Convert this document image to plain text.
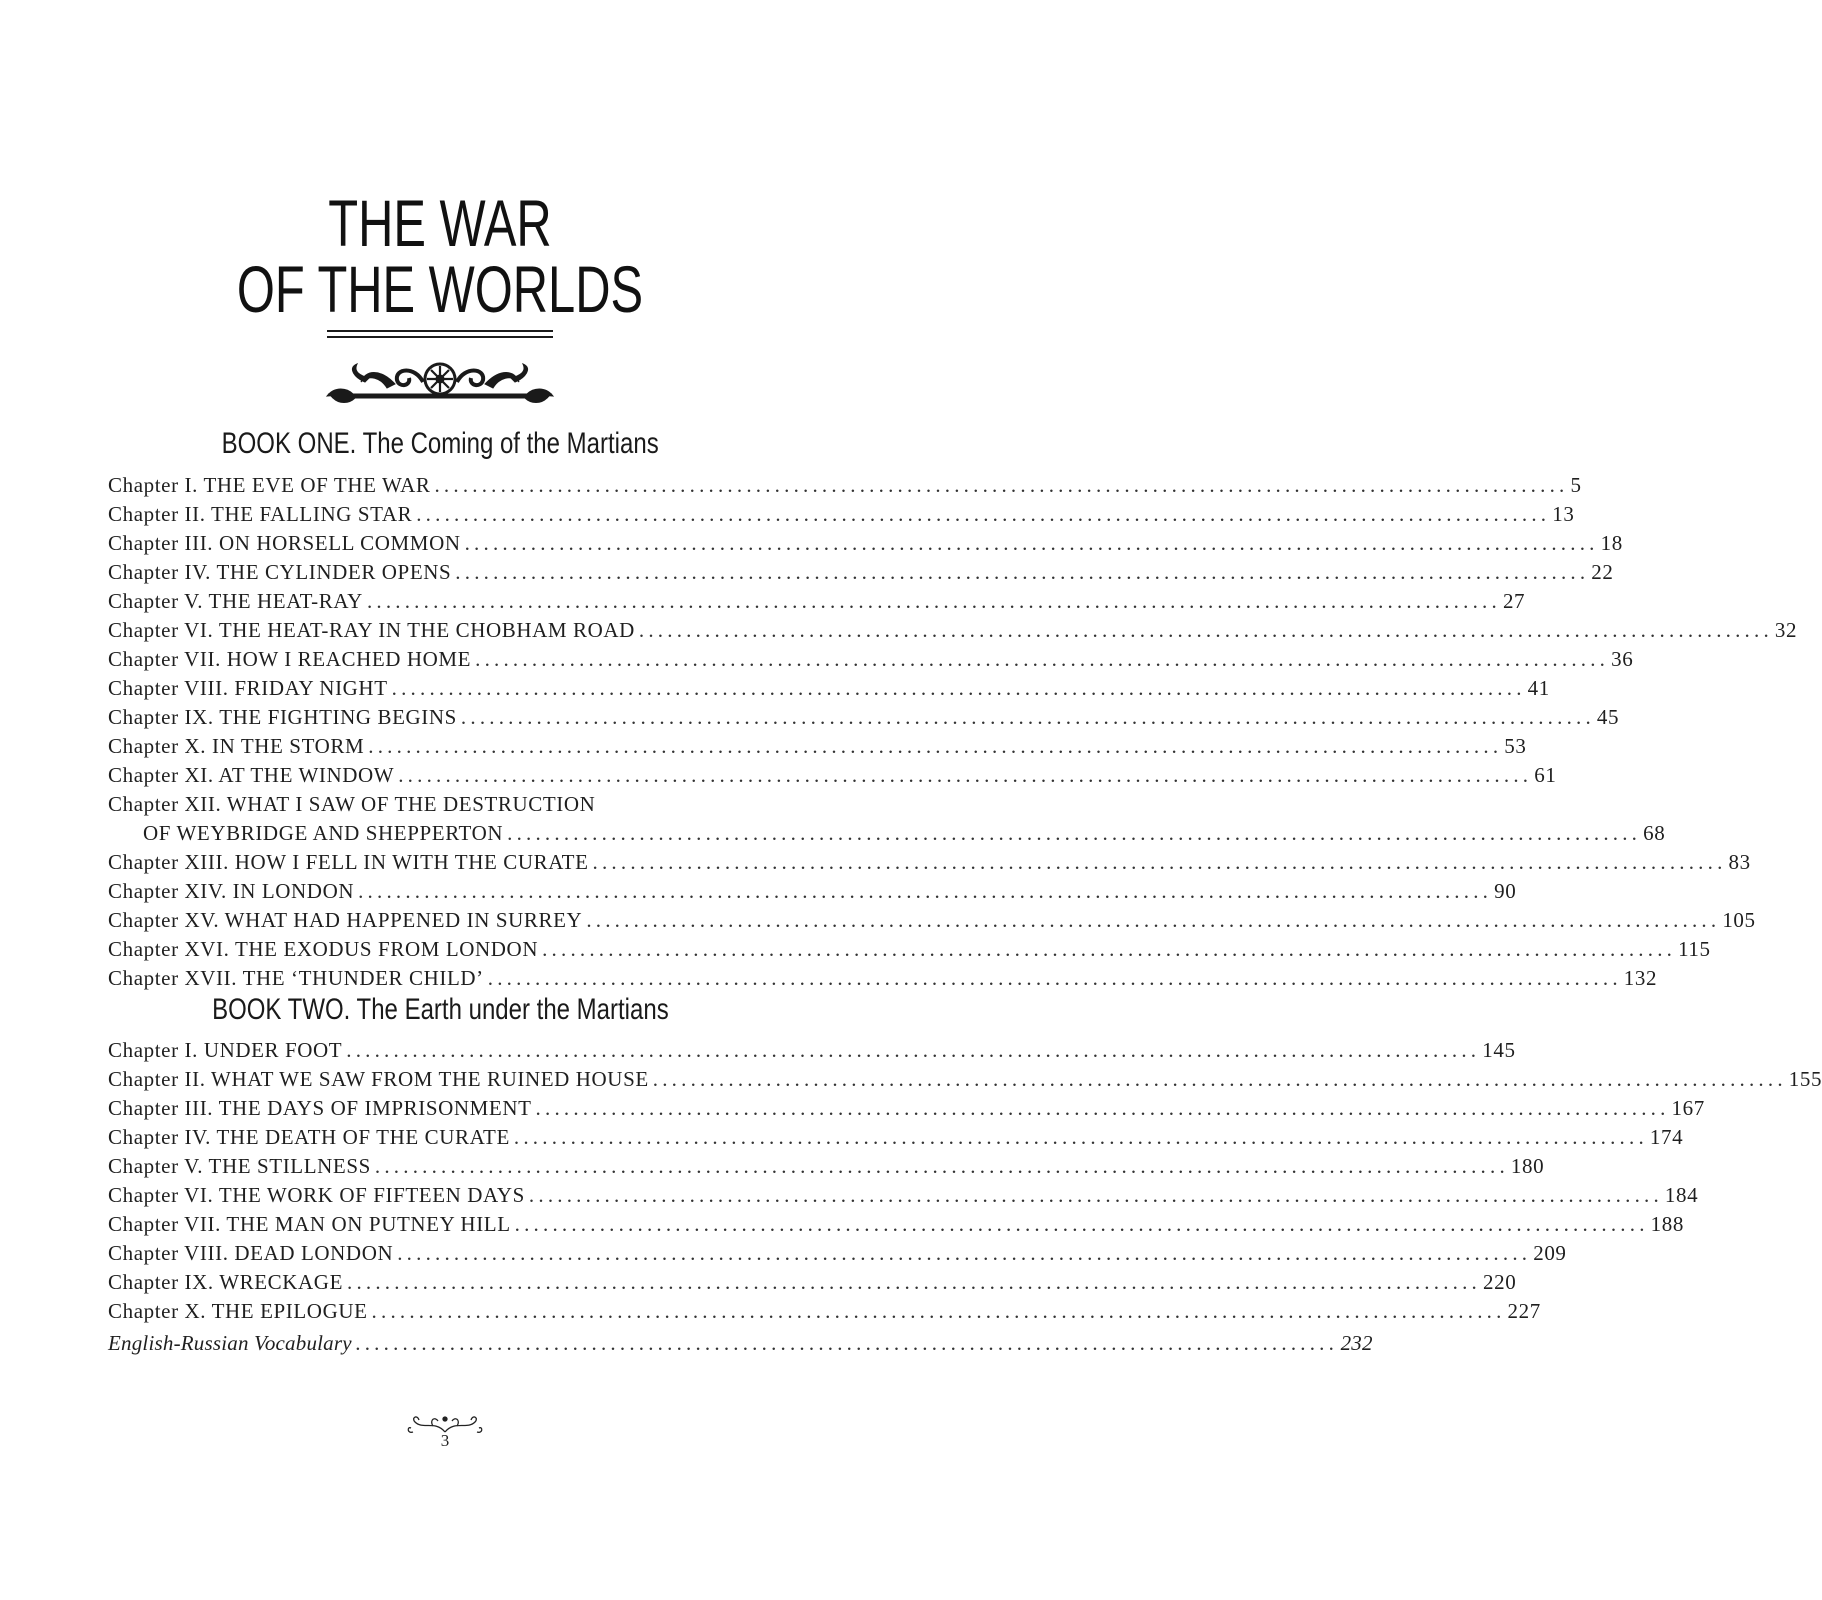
THE WAR
OF THE WORLDS
BOOK ONE. The Coming of the Martians
Chapter I. THE EVE OF THE WAR ........................................................................................................................ 5
Chapter II. THE FALLING STAR ........................................................................................................................ 13
Chapter III. ON HORSELL COMMON ........................................................................................................................ 18
Chapter IV. THE CYLINDER OPENS ........................................................................................................................ 22
Chapter V. THE HEAT-RAY ........................................................................................................................ 27
Chapter VI. THE HEAT-RAY IN THE CHOBHAM ROAD ........................................................................................................................ 32
Chapter VII. HOW I REACHED HOME ........................................................................................................................ 36
Chapter VIII. FRIDAY NIGHT ........................................................................................................................ 41
Chapter IX. THE FIGHTING BEGINS ........................................................................................................................ 45
Chapter X. IN THE STORM ........................................................................................................................ 53
Chapter XI. AT THE WINDOW ........................................................................................................................ 61
Chapter XII. WHAT I SAW OF THE DESTRUCTION
OF WEYBRIDGE AND SHEPPERTON ........................................................................................................................ 68
Chapter XIII. HOW I FELL IN WITH THE CURATE ........................................................................................................................ 83
Chapter XIV. IN LONDON ........................................................................................................................ 90
Chapter XV. WHAT HAD HAPPENED IN SURREY ........................................................................................................................ 105
Chapter XVI. THE EXODUS FROM LONDON ........................................................................................................................ 115
Chapter XVII. THE ‘THUNDER CHILD’ ........................................................................................................................ 132
BOOK TWO. The Earth under the Martians
Chapter I. UNDER FOOT ........................................................................................................................ 145
Chapter II. WHAT WE SAW FROM THE RUINED HOUSE ........................................................................................................................ 155
Chapter III. THE DAYS OF IMPRISONMENT ........................................................................................................................ 167
Chapter IV. THE DEATH OF THE CURATE ........................................................................................................................ 174
Chapter V. THE STILLNESS ........................................................................................................................ 180
Chapter VI. THE WORK OF FIFTEEN DAYS ........................................................................................................................ 184
Chapter VII. THE MAN ON PUTNEY HILL ........................................................................................................................ 188
Chapter VIII. DEAD LONDON ........................................................................................................................ 209
Chapter IX. WRECKAGE ........................................................................................................................ 220
Chapter X. THE EPILOGUE ........................................................................................................................ 227
English-Russian Vocabulary ........................................................................................................ 232
3
